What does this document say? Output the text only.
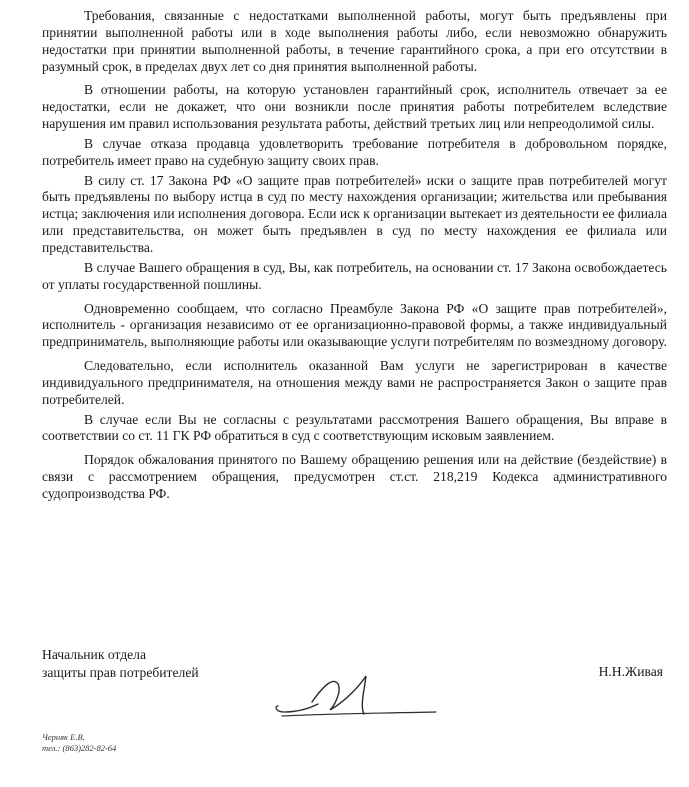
Требования, связанные с недостатками выполненной работы, могут быть предъявлены при принятии выполненной работы или в ходе выполнения работы либо, если невозможно обнаружить недостатки при принятии выполненной работы, в течение гарантийного срока, а при его отсутствии в разумный срок, в пределах двух лет со дня принятия выполненной работы.

В отношении работы, на которую установлен гарантийный срок, исполнитель отвечает за ее недостатки, если не докажет, что они возникли после принятия работы потребителем вследствие нарушения им правил использования результата работы, действий третьих лиц или непреодолимой силы.

В случае отказа продавца удовлетворить требование потребителя в добровольном порядке, потребитель имеет право на судебную защиту своих прав.

В силу ст. 17 Закона РФ «О защите прав потребителей» иски о защите прав потребителей могут быть предъявлены по выбору истца в суд по месту нахождения организации; жительства или пребывания истца; заключения или исполнения договора. Если иск к организации вытекает из деятельности ее филиала или представительства, он может быть предъявлен в суд по месту нахождения ее филиала или представительства.

В случае Вашего обращения в суд, Вы, как потребитель, на основании ст. 17 Закона освобождаетесь от уплаты государственной пошлины.

Одновременно сообщаем, что согласно Преамбуле Закона РФ «О защите прав потребителей», исполнитель - организация независимо от ее организационно-правовой формы, а также индивидуальный предприниматель, выполняющие работы или оказывающие услуги потребителям по возмездному договору.

Следовательно, если исполнитель оказанной Вам услуги не зарегистрирован в качестве индивидуального предпринимателя, на отношения между вами не распространяется Закон о защите прав потребителей.

В случае если Вы не согласны с результатами рассмотрения Вашего обращения, Вы вправе в соответствии со ст. 11 ГК РФ обратиться в суд с соответствующим исковым заявлением.

Порядок обжалования принятого по Вашему обращению решения или на действие (бездействие) в связи с рассмотрением обращения, предусмотрен ст.ст. 218,219 Кодекса административного судопроизводства РФ.

Начальник отдела
защиты прав потребителей	Н.Н.Живая
Черняк Е.В.
тел.: (863)282-82-64
